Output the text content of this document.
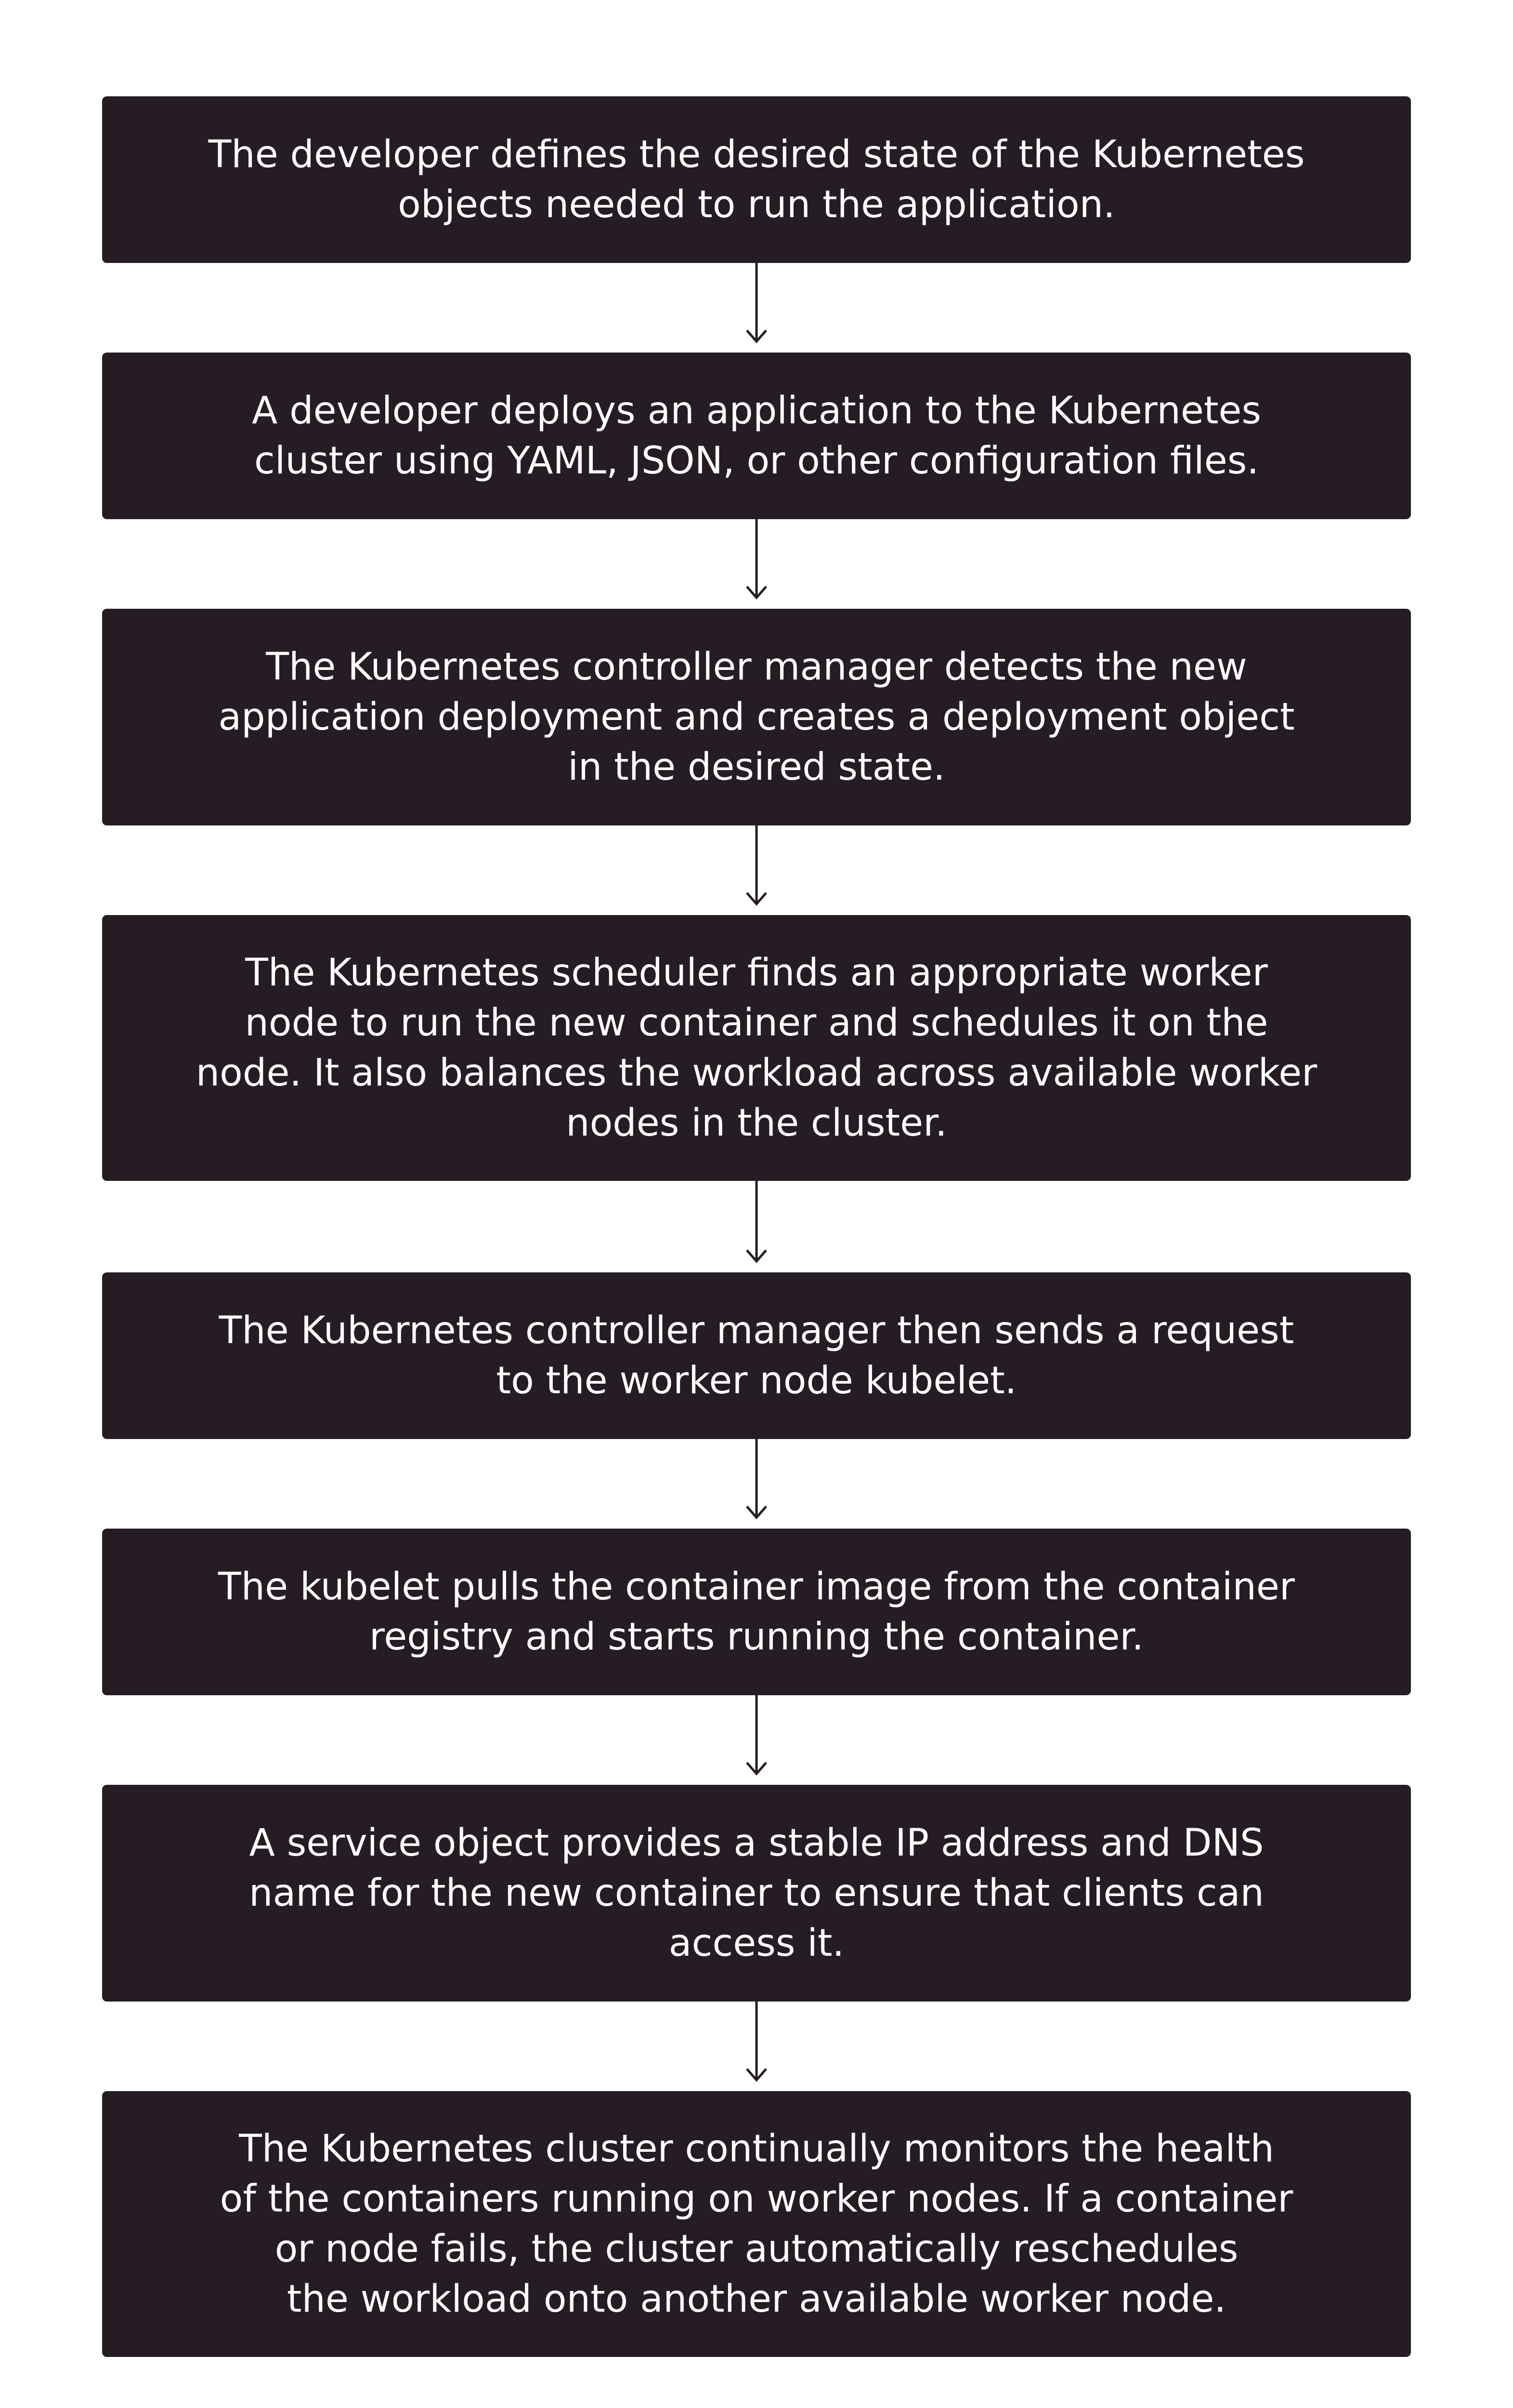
The developer defines the desired state of the Kubernetes
objects needed to run the application.
A developer deploys an application to the Kubernetes
cluster using YAML, JSON, or other configuration files.
The Kubernetes controller manager detects the new
application deployment and creates a deployment object
in the desired state.
The Kubernetes scheduler finds an appropriate worker
node to run the new container and schedules it on the
node. It also balances the workload across available worker
nodes in the cluster.
The Kubernetes controller manager then sends a request
to the worker node kubelet.
The kubelet pulls the container image from the container
registry and starts running the container.
A service object provides a stable IP address and DNS
name for the new container to ensure that clients can
access it.
The Kubernetes cluster continually monitors the health
of the containers running on worker nodes. If a container
or node fails, the cluster automatically reschedules
the workload onto another available worker node.
